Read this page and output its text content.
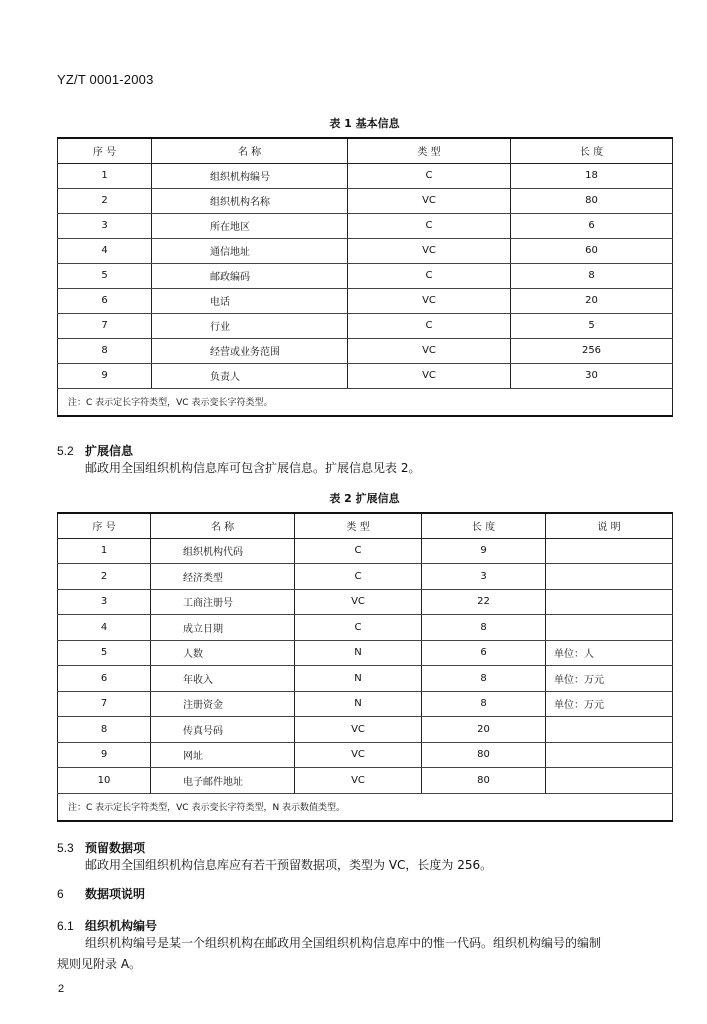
YZ/T 0001-2003
表 1 基本信息
序 号	名 称	类 型	长 度
1	组织机构编号	C	18
2	组织机构名称	VC	80
3	所在地区	C	6
4	通信地址	VC	60
5	邮政编码	C	8
6	电话	VC	20
7	行业	C	5
8	经营或业务范围	VC	256
9	负责人	VC	30
注：C 表示定长字符类型，VC 表示变长字符类型。			
5.2 扩展信息
邮政用全国组织机构信息库可包含扩展信息。扩展信息见表 2。
表 2 扩展信息
序 号	名 称	类 型	长 度	说 明
1	组织机构代码	C	9	
2	经济类型	C	3	
3	工商注册号	VC	22	
4	成立日期	C	8	
5	人数	N	6	单位：人
6	年收入	N	8	单位：万元
7	注册资金	N	8	单位：万元
8	传真号码	VC	20	
9	网址	VC	80	
10	电子邮件地址	VC	80	
注：C 表示定长字符类型，VC 表示变长字符类型，N 表示数值类型。				
5.3 预留数据项
邮政用全国组织机构信息库应有若干预留数据项，类型为 VC，长度为 256。
6 数据项说明
6.1 组织机构编号
组织机构编号是某一个组织机构在邮政用全国组织机构信息库中的惟一代码。组织机构编号的编制
规则见附录 A。
2
